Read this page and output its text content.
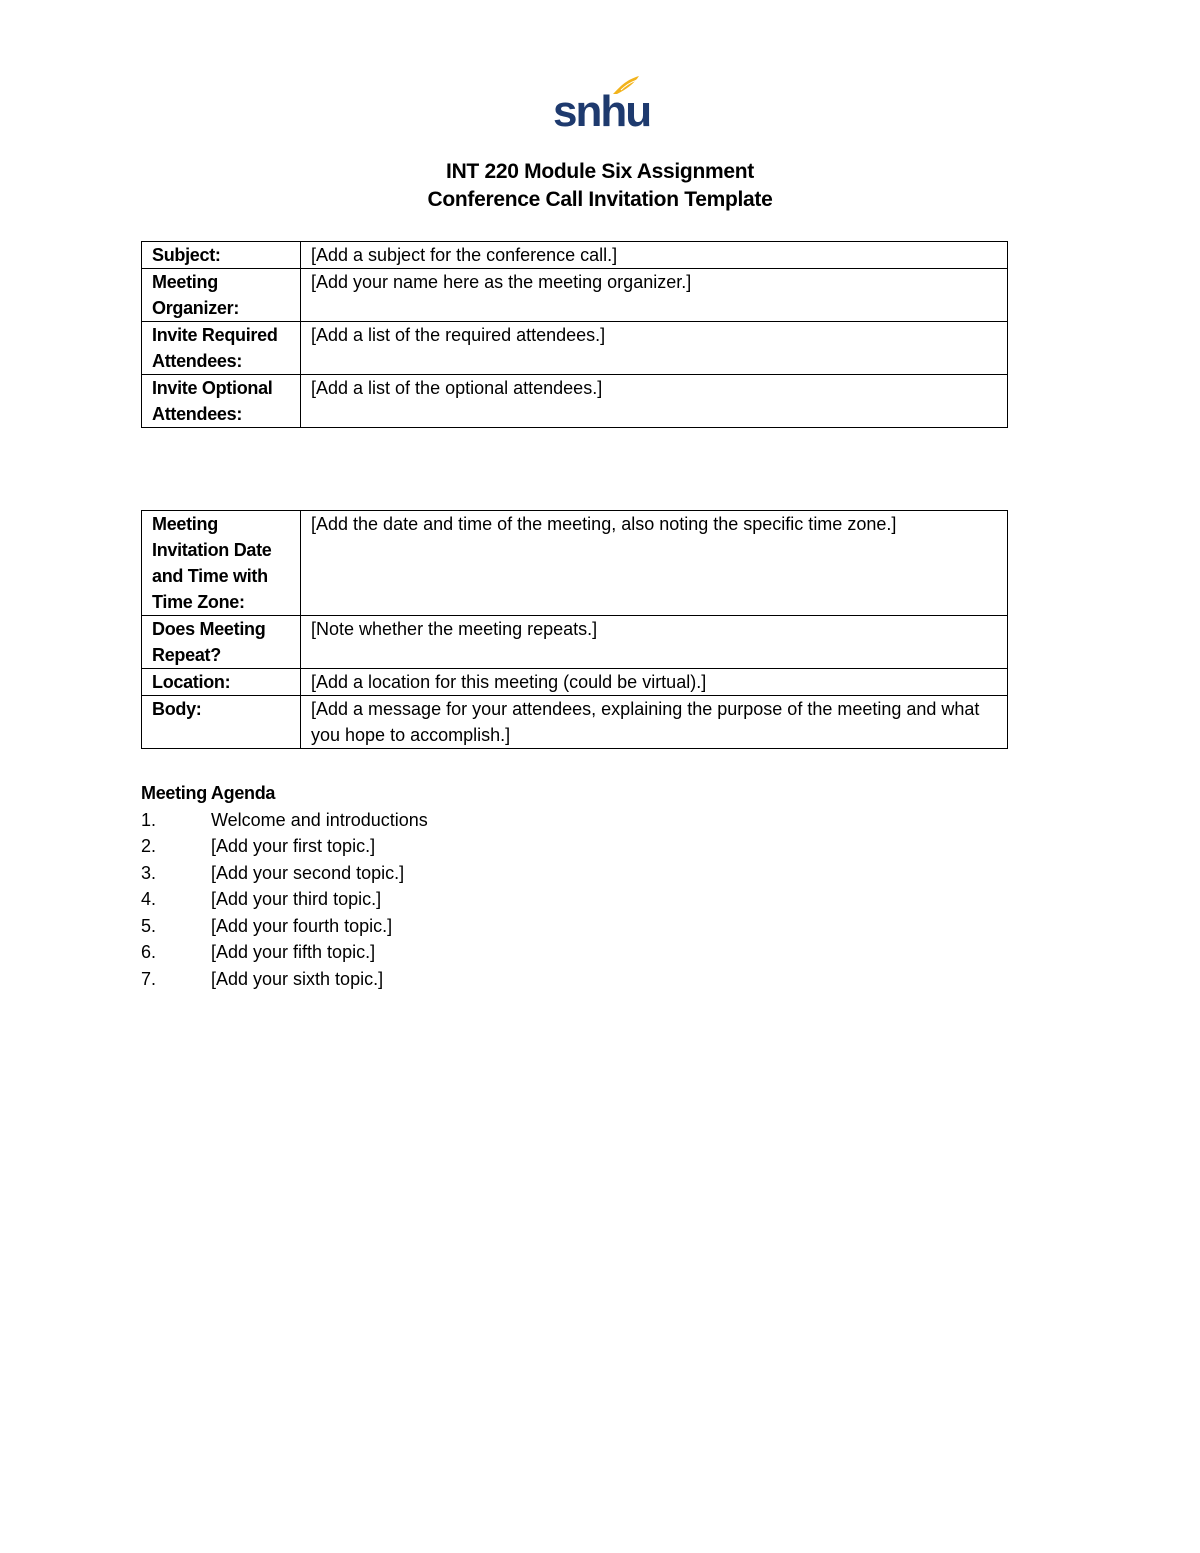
snhu
INT 220 Module Six Assignment
Conference Call Invitation Template
Subject:	[Add a subject for the conference call.]
Meeting Organizer:	[Add your name here as the meeting organizer.]
Invite Required Attendees:	[Add a list of the required attendees.]
Invite Optional Attendees:	[Add a list of the optional attendees.]
Meeting Invitation Date and Time with Time Zone:	[Add the date and time of the meeting, also noting the specific time zone.]
Does Meeting Repeat?	[Note whether the meeting repeats.]
Location:	[Add a location for this meeting (could be virtual).]
Body:	[Add a message for your attendees, explaining the purpose of the meeting and what you hope to accomplish.]
Meeting Agenda
1.	Welcome and introductions
2.	[Add your first topic.]
3.	[Add your second topic.]
4.	[Add your third topic.]
5.	[Add your fourth topic.]
6.	[Add your fifth topic.]
7.	[Add your sixth topic.]
